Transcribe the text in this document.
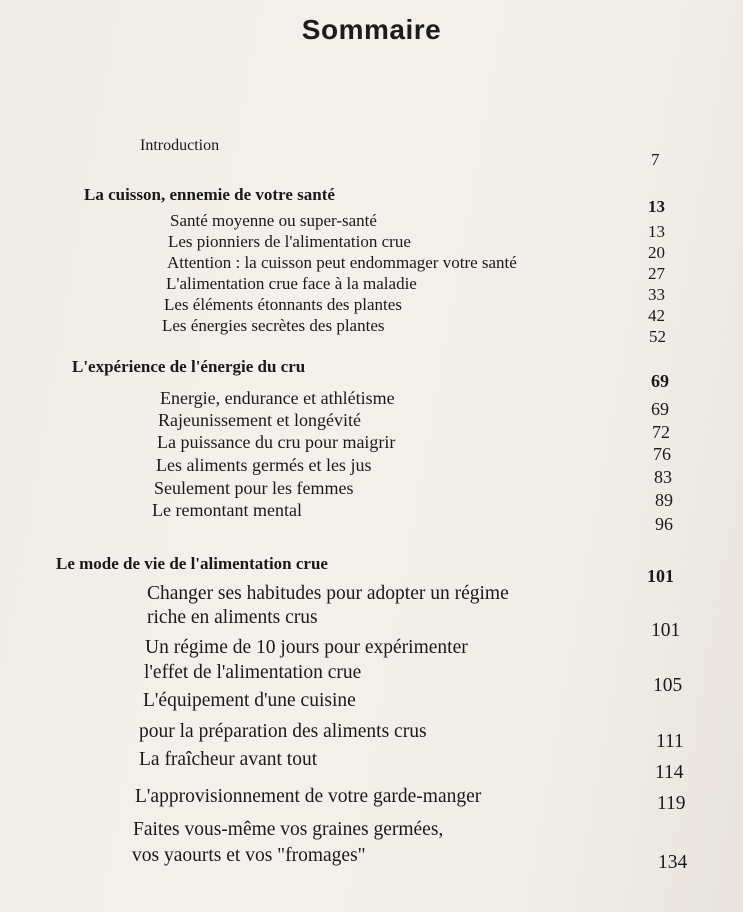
Sommaire
Introduction
7
La cuisson, ennemie de votre santé
13
Santé moyenne ou super-santé
13
Les pionniers de l'alimentation crue
20
Attention : la cuisson peut endommager votre santé
27
L'alimentation crue face à la maladie
33
Les éléments étonnants des plantes
42
Les énergies secrètes des plantes
52
L'expérience de l'énergie du cru
69
Energie, endurance et athlétisme
69
Rajeunissement et longévité
72
La puissance du cru pour maigrir
76
Les aliments germés et les jus
83
Seulement pour les femmes
89
Le remontant mental
96
Le mode de vie de l'alimentation crue
101
Changer ses habitudes pour adopter un régime
riche en aliments crus
101
Un régime de 10 jours pour expérimenter
l'effet de l'alimentation crue
105
L'équipement d'une cuisine
pour la préparation des aliments crus	111
La fraîcheur avant tout
114
L'approvisionnement de votre garde-manger	119
Faites vous-même vos graines germées,
vos yaourts et vos "fromages"	134
